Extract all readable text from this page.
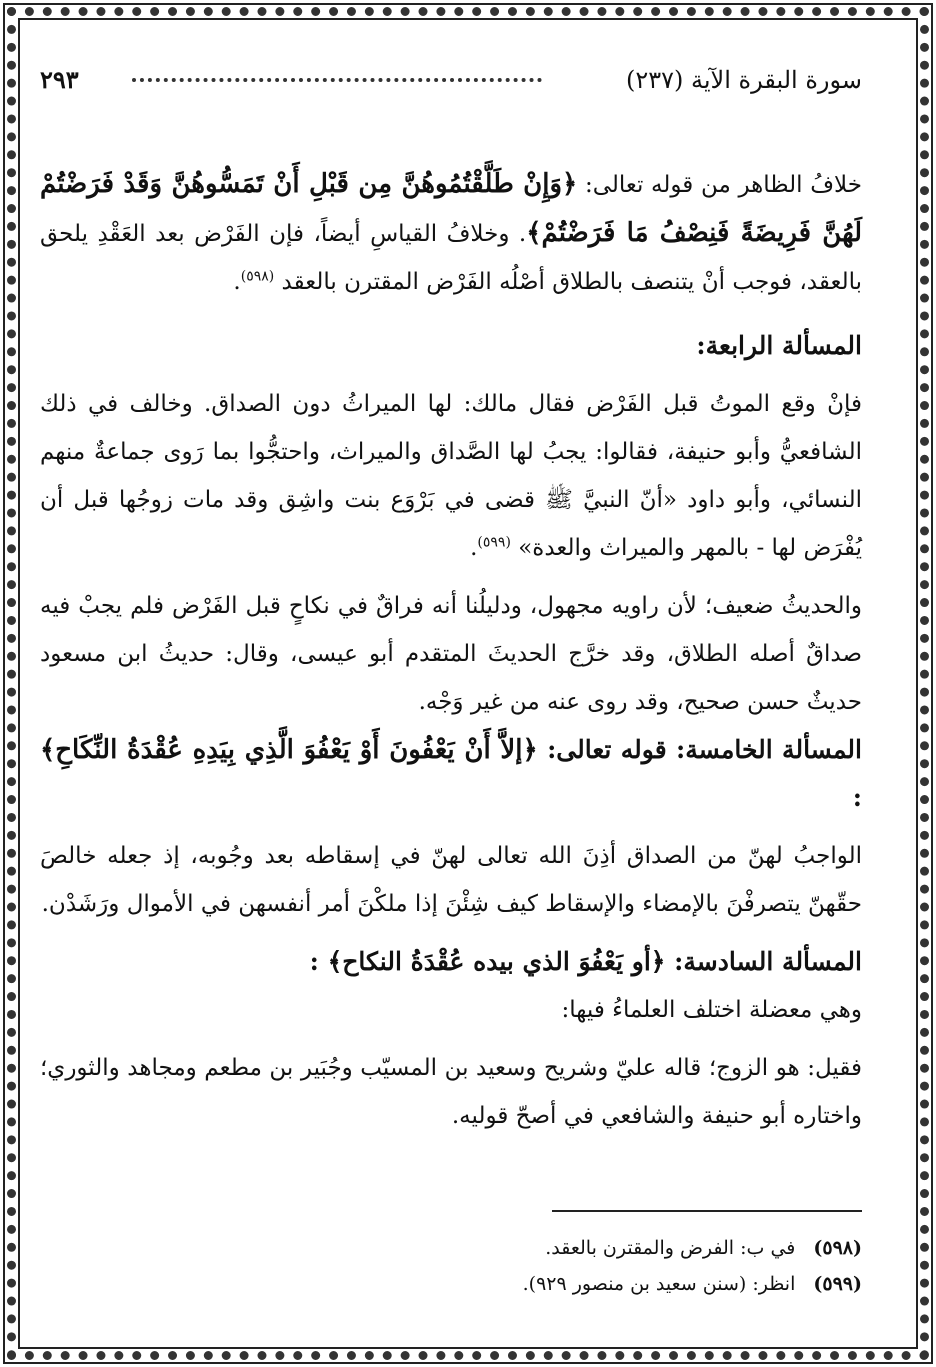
سورة البقرة الآية (٢٣٧)
٢٩٣

خلافُ الظاهر من قوله تعالى: ﴿وَإِنْ طَلَّقْتُمُوهُنَّ مِن قَبْلِ أَنْ تَمَسُّوهُنَّ وَقَدْ فَرَضْتُمْ لَهُنَّ فَرِيضَةً فَنِصْفُ مَا فَرَضْتُمْ﴾. وخلافُ القياسِ أيضاً، فإن الفَرْض بعد العَقْدِ يلحق بالعقد، فوجب أنْ يتنصف بالطلاق أصْلُه الفَرْض المقترن بالعقد $^{(٥٩٨)}$.

المسألة الرابعة:

فإنْ وقع الموتُ قبل الفَرْض فقال مالك: لها الميراثُ دون الصداق. وخالف في ذلك الشافعيُّ وأبو حنيفة، فقالوا: يجبُ لها الصَّداق والميراث، واحتجُّوا بما رَوى جماعةٌ منهم النسائي، وأبو داود «أنّ النبيَّ ﷺ قضى في بَرْوَع بنت واشِق وقد مات زوجُها قبل أن يُفْرَض لها - بالمهر والميراث والعدة» $^{(٥٩٩)}$.

والحديثُ ضعيف؛ لأن راويه مجهول، ودليلُنا أنه فراقٌ في نكاحٍ قبل الفَرْض فلم يجبْ فيه صداقٌ أصله الطلاق، وقد خرَّج الحديثَ المتقدم أبو عيسى، وقال: حديثُ ابن مسعود حديثٌ حسن صحيح، وقد روى عنه من غير وَجْه.

المسألة الخامسة: قوله تعالى: ﴿إلاَّ أَنْ يَعْفُونَ أَوْ يَعْفُوَ الَّذِي بِيَدِهِ عُقْدَةُ النِّكَاحِ﴾ :

الواجبُ لهنّ من الصداق أذِنَ الله تعالى لهنّ في إسقاطه بعد وجُوبه، إذ جعله خالصَ حقّهنّ يتصرفْنَ بالإمضاء والإسقاط كيف شِئْنَ إذا ملكْنَ أمر أنفسهن في الأموال ورَشَدْن.

المسألة السادسة: ﴿أو يَعْفُوَ الذي بيده عُقْدَةُ النكاح﴾ :

وهي معضلة اختلف العلماءُ فيها:

فقيل: هو الزوج؛ قاله عليّ وشريح وسعيد بن المسيّب وجُبَير بن مطعم ومجاهد والثوري؛ واختاره أبو حنيفة والشافعي في أصحّ قوليه.

(٥٩٨)في ب: الفرض والمقترن بالعقد.
(٥٩٩)انظر: (سنن سعيد بن منصور ٩٢٩).
